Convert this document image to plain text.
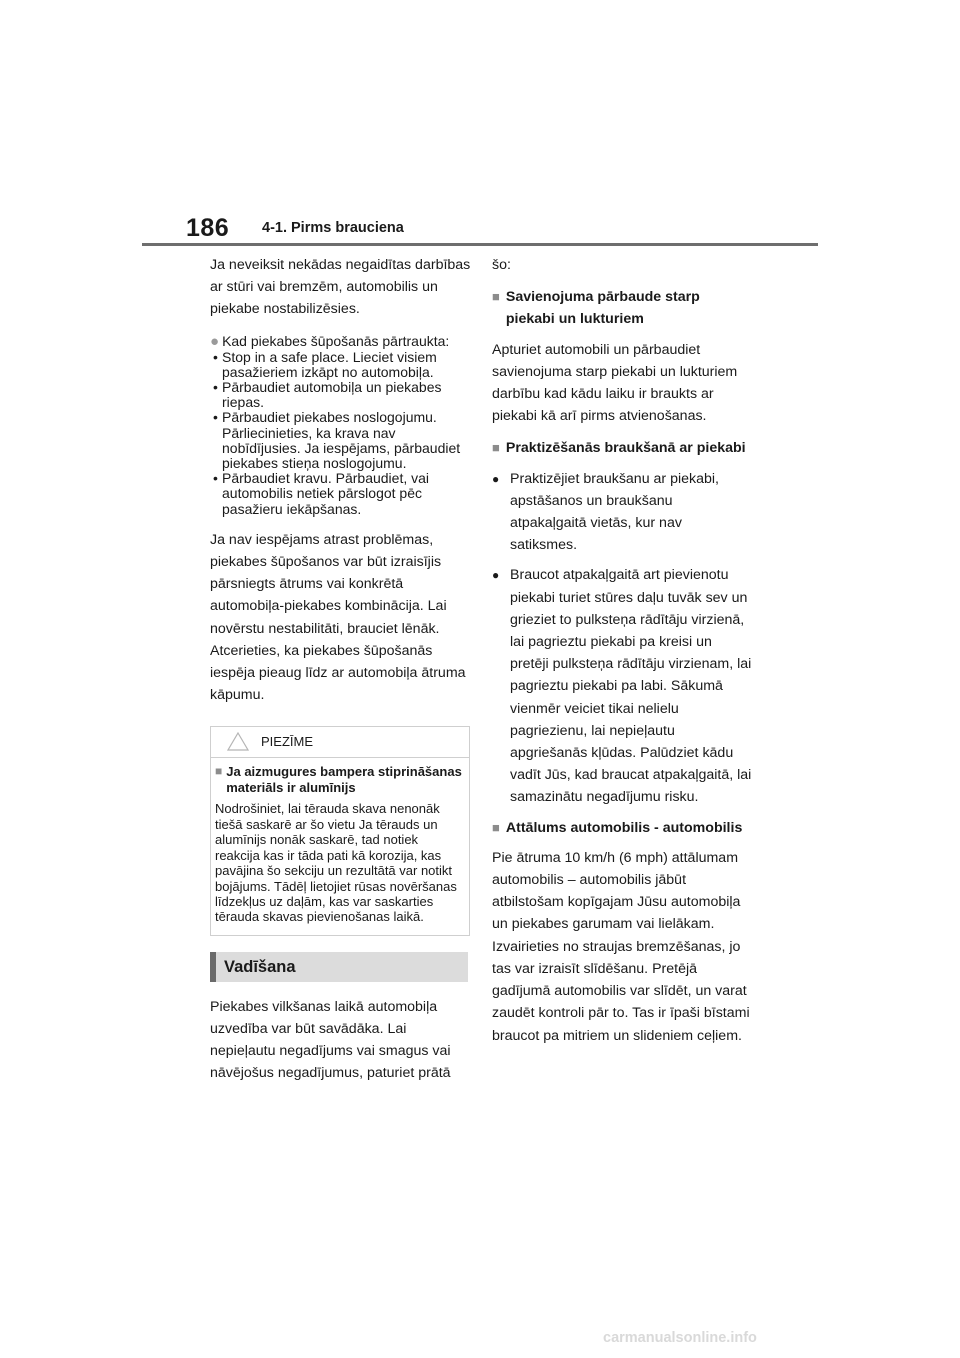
186 4-1. Pirms brauciena

Ja neveiksit nekādas negaidītas darbības ar stūri vai bremzēm, automobilis un piekabe nostabilizēsies.

● Kad piekabes šūpošanās pārtraukta:

• Stop in a safe place. Lieciet visiem pasažieriem izkāpt no automobiļa.
• Pārbaudiet automobiļa un piekabes riepas.
• Pārbaudiet piekabes noslogojumu. Pārliecinieties, ka krava nav nobīdījusies. Ja iespējams, pārbaudiet piekabes stieņa noslogojumu.
• Pārbaudiet kravu. Pārbaudiet, vai automobilis netiek pārslogot pēc pasažieru iekāpšanas.

Ja nav iespējams atrast problēmas, piekabes šūpošanos var būt izraisījis pārsniegts ātrums vai konkrētā automobiļa-piekabes kombinācija. Lai novērstu nestabilitāti, brauciet lēnāk. Atcerieties, ka piekabes šūpošanās iespēja pieaug līdz ar automobiļa ātruma kāpumu.

PIEZĪME
■ Ja aizmugures bampera stiprināšanas materiāls ir alumīnijs
Nodrošiniet, lai tērauda skava nenonāk tiešā saskarē ar šo vietu Ja tērauds un alumīnijs nonāk saskarē, tad notiek reakcija kas ir tāda pati kā korozija, kas pavājina šo sekciju un rezultātā var notikt bojājums. Tādēļ lietojiet rūsas novēršanas līdzekļus uz daļām, kas var saskarties tērauda skavas pievienošanas laikā.
Vadīšana

Piekabes vilkšanas laikā automobiļa uzvedība var būt savādāka. Lai nepieļautu negadījums vai smagus vai nāvējošus negadījumus, paturiet prātā

šo:

■ Savienojuma pārbaude starp piekabi un lukturiem

Apturiet automobili un pārbaudiet savienojuma starp piekabi un lukturiem darbību kad kādu laiku ir braukts ar piekabi kā arī pirms atvienošanas.

■ Praktizēšanās braukšanā ar piekabi
● Praktizējiet braukšanu ar piekabi, apstāšanos un braukšanu atpakaļgaitā vietās, kur nav satiksmes.
● Braucot atpakaļgaitā art pievienotu piekabi turiet stūres daļu tuvāk sev un grieziet to pulksteņa rādītāju virzienā, lai pagrieztu piekabi pa kreisi un pretēji pulksteņa rādītāju virzienam, lai pagrieztu piekabi pa labi. Sākumā vienmēr veiciet tikai nelielu pagriezienu, lai nepieļautu apgriešanās kļūdas. Palūdziet kādu vadīt Jūs, kad braucat atpakaļgaitā, lai samazinātu negadījumu risku.
■ Attālums automobilis - automobilis

Pie ātruma 10 km/h (6 mph) attālumam automobilis – automobilis jābūt atbilstošam kopīgajam Jūsu automobiļa un piekabes garumam vai lielākam. Izvairieties no straujas bremzēšanas, jo tas var izraisīt slīdēšanu. Pretējā gadījumā automobilis var slīdēt, un varat zaudēt kontroli pār to. Tas ir īpaši bīstami braucot pa mitriem un slideniem ceļiem.

carmanualsonline.info
